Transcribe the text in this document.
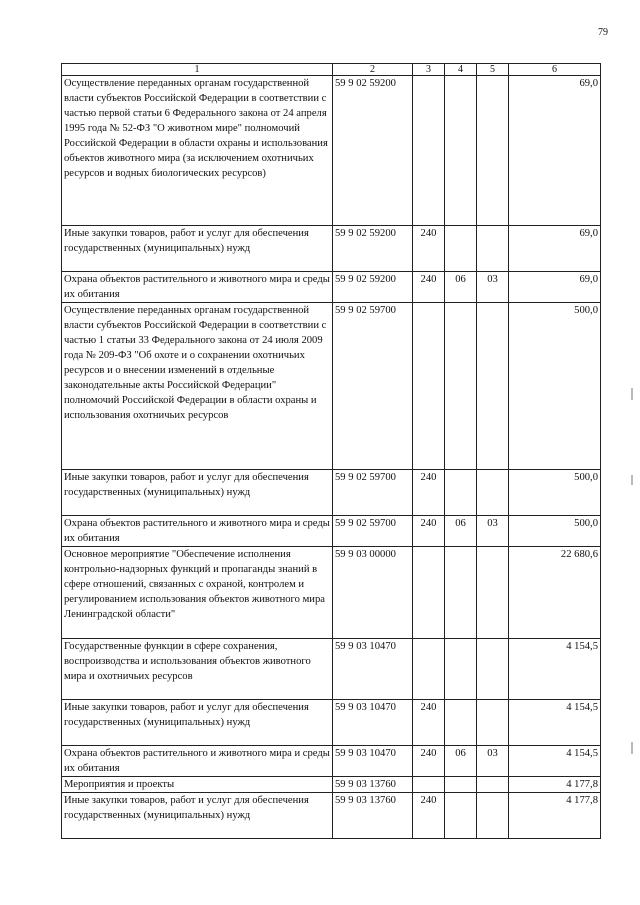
79
1	2	3	4	5	6
Осуществление переданных органам государственной власти субъектов Российской Федерации в соответствии с частью первой статьи 6 Федерального закона от 24 апреля 1995 года № 52-ФЗ "О животном мире" полномочий Российской Федерации в области охраны и использования объектов животного мира (за исключением охотничьих ресурсов и водных биологических ресурсов)	59 9 02 59200				69,0
Иные закупки товаров, работ и услуг для обеспечения государственных (муниципальных) нужд	59 9 02 59200	240			69,0
Охрана объектов растительного и животного мира и среды их обитания	59 9 02 59200	240	06	03	69,0
Осуществление переданных органам государственной власти субъектов Российской Федерации в соответствии с частью 1 статьи 33 Федерального закона от 24 июля 2009 года № 209-ФЗ "Об охоте и о сохранении охотничьих ресурсов и о внесении изменений в отдельные законодательные акты Российской Федерации" полномочий Российской Федерации в области охраны и использования охотничьих ресурсов	59 9 02 59700				500,0
Иные закупки товаров, работ и услуг для обеспечения государственных (муниципальных) нужд	59 9 02 59700	240			500,0
Охрана объектов растительного и животного мира и среды их обитания	59 9 02 59700	240	06	03	500,0
Основное мероприятие "Обеспечение исполнения контрольно-надзорных функций и пропаганды знаний в сфере отношений, связанных с охраной, контролем и регулированием использования объектов животного мира Ленинградской области"	59 9 03 00000				22 680,6
Государственные функции в сфере сохранения, воспроизводства и использования объектов животного мира и охотничьих ресурсов	59 9 03 10470				4 154,5
Иные закупки товаров, работ и услуг для обеспечения государственных (муниципальных) нужд	59 9 03 10470	240			4 154,5
Охрана объектов растительного и животного мира и среды их обитания	59 9 03 10470	240	06	03	4 154,5
Мероприятия и проекты	59 9 03 13760				4 177,8
Иные закупки товаров, работ и услуг для обеспечения государственных (муниципальных) нужд	59 9 03 13760	240			4 177,8
